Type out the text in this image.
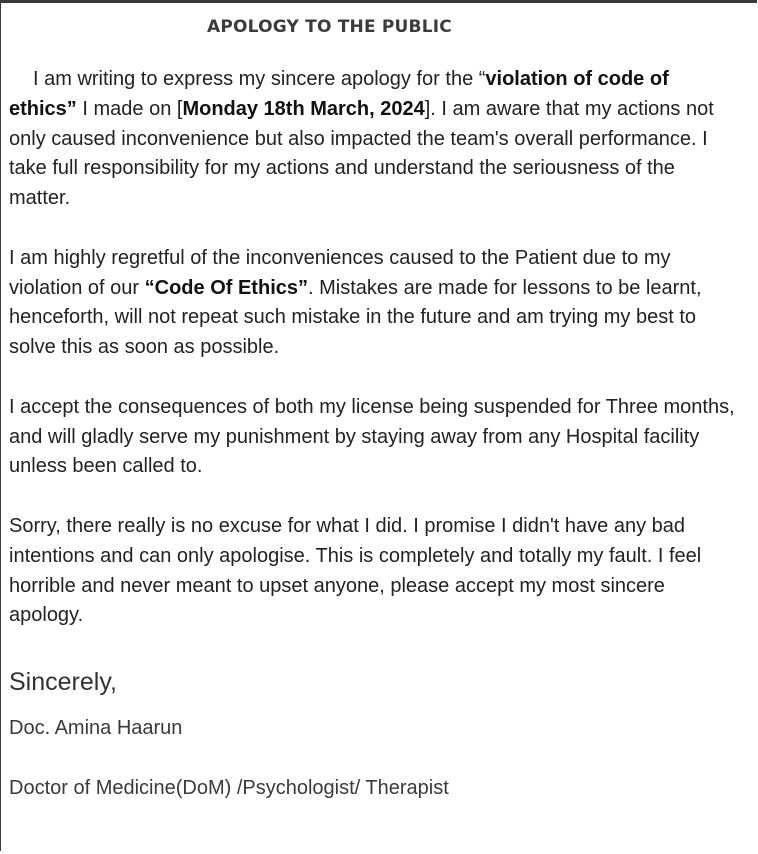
APOLOGY TO THE PUBLIC

I am writing to express my sincere apology for the “violation of code of ethics” I made on [Monday 18th March, 2024]. I am aware that my actions not only caused inconvenience but also impacted the team's overall performance. I take full responsibility for my actions and understand the seriousness of the matter.

I am highly regretful of the inconveniences caused to the Patient due to my violation of our “Code Of Ethics”. Mistakes are made for lessons to be learnt, henceforth, will not repeat such mistake in the future and am trying my best to solve this as soon as possible.

I accept the consequences of both my license being suspended for Three months, and will gladly serve my punishment by staying away from any Hospital facility unless been called to.

Sorry, there really is no excuse for what I did. I promise I didn't have any bad intentions and can only apologise. This is completely and totally my fault. I feel horrible and never meant to upset anyone, please accept my most sincere apology.

Sincerely,
Doc. Amina Haarun
Doctor of Medicine(DoM) /Psychologist/ Therapist
